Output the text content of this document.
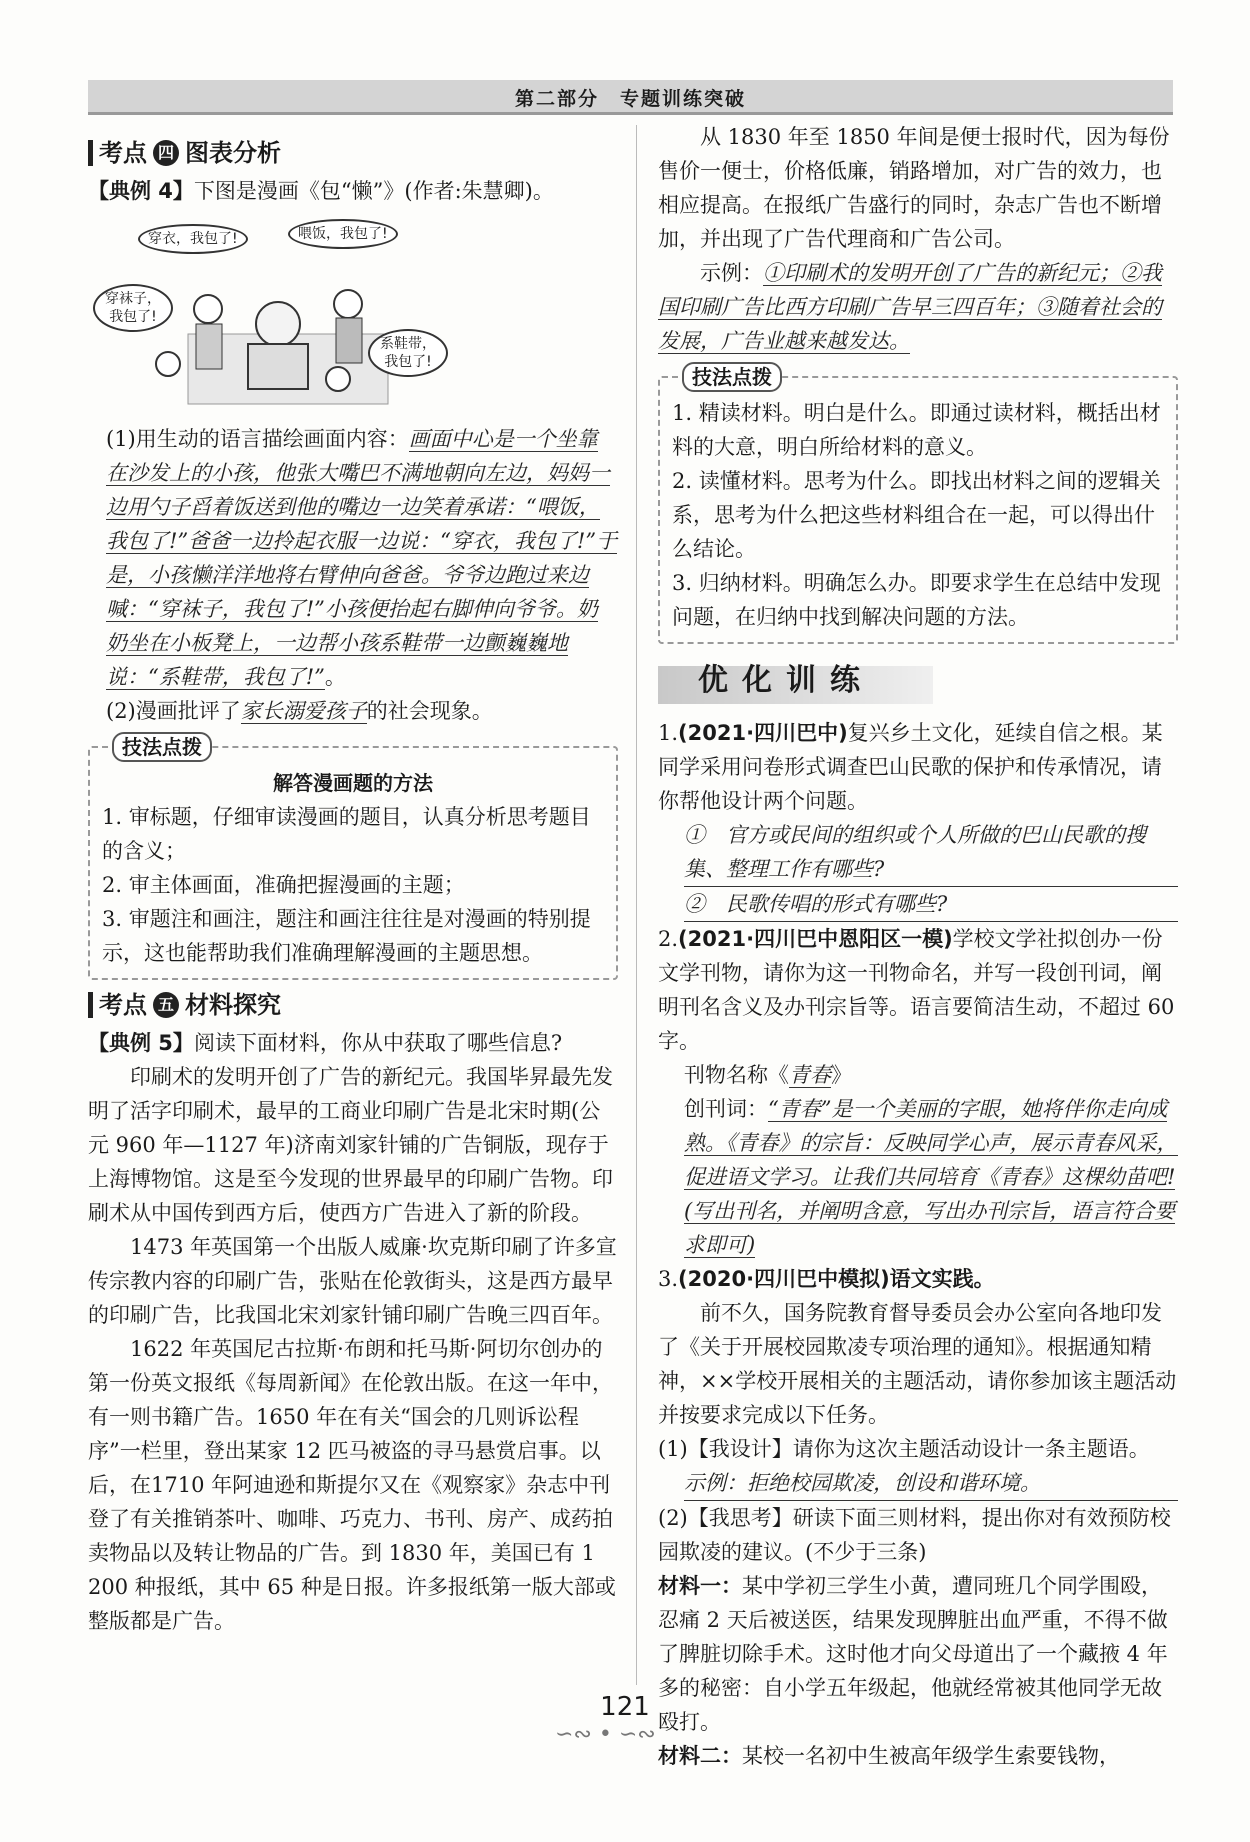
第二部分　专题训练突破
考点 四 图表分析

【典例 4】下图是漫画《包“懒”》(作者:朱慧卿)。

穿衣，我包了!	喂饭，我包了!
穿袜子，我包了!
系鞋带，我包了!

(1)用生动的语言描绘画面内容：画面中心是一个坐靠在沙发上的小孩，他张大嘴巴不满地朝向左边，妈妈一边用勺子舀着饭送到他的嘴边一边笑着承诺：“喂饭，我包了!”爸爸一边拎起衣服一边说：“穿衣，我包了!”于是，小孩懒洋洋地将右臂伸向爸爸。爷爷边跑过来边喊：“穿袜子，我包了!”小孩便抬起右脚伸向爷爷。奶奶坐在小板凳上，一边帮小孩系鞋带一边颤巍巍地说：“系鞋带，我包了!”。

(2)漫画批评了家长溺爱孩子的社会现象。

技法点拨
解答漫画题的方法

1. 审标题，仔细审读漫画的题目，认真分析思考题目的含义；

2. 审主体画面，准确把握漫画的主题；

3. 审题注和画注，题注和画注往往是对漫画的特别提示，这也能帮助我们准确理解漫画的主题思想。

考点 五 材料探究

【典例 5】阅读下面材料，你从中获取了哪些信息?

印刷术的发明开创了广告的新纪元。我国毕昇最先发明了活字印刷术，最早的工商业印刷广告是北宋时期(公元 960 年—1127 年)济南刘家针铺的广告铜版，现存于上海博物馆。这是至今发现的世界最早的印刷广告物。印刷术从中国传到西方后，使西方广告进入了新的阶段。

1473 年英国第一个出版人威廉·坎克斯印刷了许多宣传宗教内容的印刷广告，张贴在伦敦街头，这是西方最早的印刷广告，比我国北宋刘家针铺印刷广告晚三四百年。

1622 年英国尼古拉斯·布朗和托马斯·阿切尔创办的第一份英文报纸《每周新闻》在伦敦出版。在这一年中，有一则书籍广告。1650 年在有关“国会的几则诉讼程序”一栏里，登出某家 12 匹马被盗的寻马悬赏启事。以后，在1710 年阿迪逊和斯提尔又在《观察家》杂志中刊登了有关推销茶叶、咖啡、巧克力、书刊、房产、成药拍卖物品以及转让物品的广告。到 1830 年，美国已有 1 200 种报纸，其中 65 种是日报。许多报纸第一版大部或整版都是广告。

从 1830 年至 1850 年间是便士报时代，因为每份售价一便士，价格低廉，销路增加，对广告的效力，也相应提高。在报纸广告盛行的同时，杂志广告也不断增加，并出现了广告代理商和广告公司。

示例：①印刷术的发明开创了广告的新纪元；②我国印刷广告比西方印刷广告早三四百年；③随着社会的发展，广告业越来越发达。

技法点拨

1. 精读材料。明白是什么。即通过读材料，概括出材料的大意，明白所给材料的意义。

2. 读懂材料。思考为什么。即找出材料之间的逻辑关系，思考为什么把这些材料组合在一起，可以得出什么结论。

3. 归纳材料。明确怎么办。即要求学生在总结中发现问题，在归纳中找到解决问题的方法。

优化训练

1.(2021·四川巴中)复兴乡土文化，延续自信之根。某同学采用问卷形式调查巴山民歌的保护和传承情况，请你帮他设计两个问题。

①　官方或民间的组织或个人所做的巴山民歌的搜集、整理工作有哪些?

②　民歌传唱的形式有哪些?

2.(2021·四川巴中恩阳区一模)学校文学社拟创办一份文学刊物，请你为这一刊物命名，并写一段创刊词，阐明刊名含义及办刊宗旨等。语言要简洁生动，不超过 60 字。

刊物名称《青春》

创刊词：“青春”是一个美丽的字眼，她将伴你走向成熟。《青春》的宗旨：反映同学心声，展示青春风采，促进语文学习。让我们共同培育《青春》这棵幼苗吧!(写出刊名，并阐明含意，写出办刊宗旨，语言符合要求即可)

3.(2020·四川巴中模拟)语文实践。

前不久，国务院教育督导委员会办公室向各地印发了《关于开展校园欺凌专项治理的通知》。根据通知精神，××学校开展相关的主题活动，请你参加该主题活动并按要求完成以下任务。

(1)【我设计】请你为这次主题活动设计一条主题语。

示例：拒绝校园欺凌，创设和谐环境。

(2)【我思考】研读下面三则材料，提出你对有效预防校园欺凌的建议。(不少于三条)

材料一：某中学初三学生小黄，遭同班几个同学围殴，忍痛 2 天后被送医，结果发现脾脏出血严重，不得不做了脾脏切除手术。这时他才向父母道出了一个藏掖 4 年多的秘密：自小学五年级起，他就经常被其他同学无故殴打。

材料二：某校一名初中生被高年级学生索要钱物，

121
∽∾ • ∽∾
